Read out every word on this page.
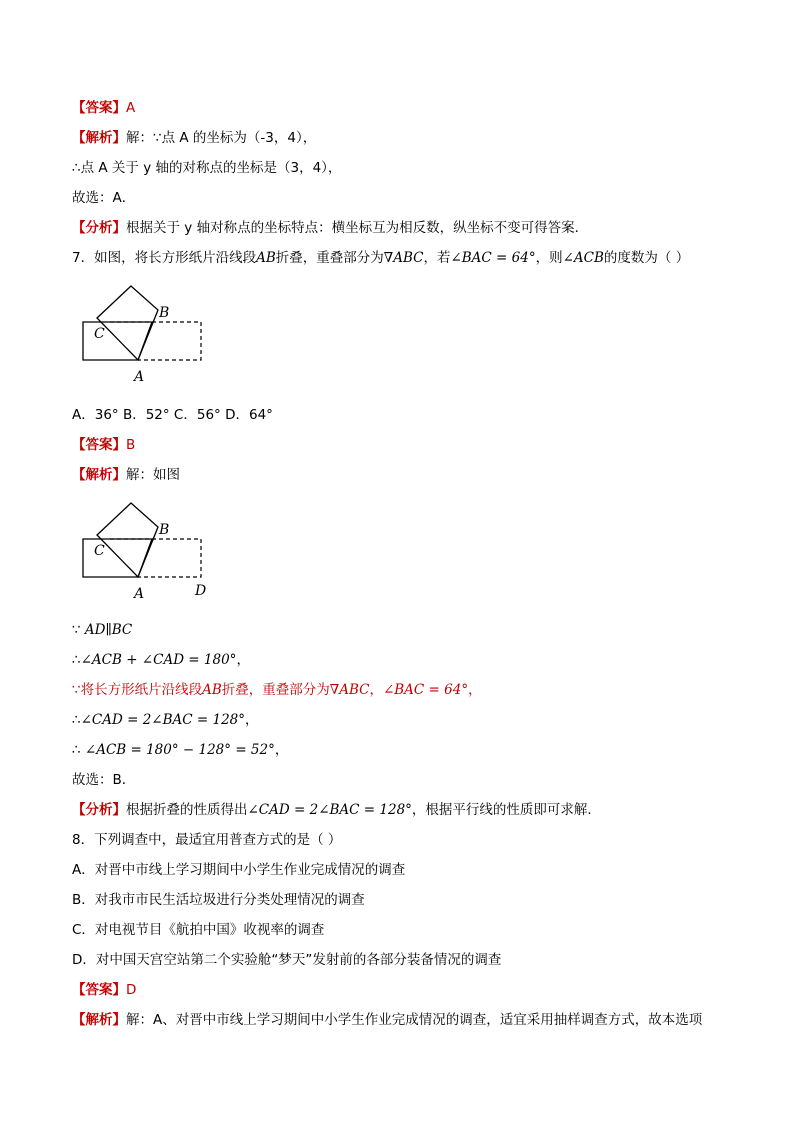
【答案】A
【解析】解：∵点 A 的坐标为（-3，4），
∴点 A 关于 y 轴的对称点的坐标是（3，4），
故选：A．
【分析】根据关于 y 轴对称点的坐标特点：横坐标互为相反数，纵坐标不变可得答案．
7．如图，将长方形纸片沿线段AB折叠，重叠部分为∇ABC，若∠BAC = 64°，则∠ACB的度数为（ ）
B
C
A
A．36° B．52° C．56° D．64°
【答案】B
【解析】解：如图
B
C
A	D
∵ AD∥BC
∴∠ACB + ∠CAD = 180°，
∵将长方形纸片沿线段AB折叠，重叠部分为∇ABC，∠BAC = 64°，
∴∠CAD = 2∠BAC = 128°，
∴ ∠ACB = 180° − 128° = 52°，
故选：B．
【分析】根据折叠的性质得出∠CAD = 2∠BAC = 128°，根据平行线的性质即可求解．
8．下列调查中，最适宜用普查方式的是（ ）
A．对晋中市线上学习期间中小学生作业完成情况的调查
B．对我市市民生活垃圾进行分类处理情况的调查
C．对电视节目《航拍中国》收视率的调查
D．对中国天宫空站第二个实验舱“梦天”发射前的各部分装备情况的调查
【答案】D
【解析】解：A、对晋中市线上学习期间中小学生作业完成情况的调查，适宜采用抽样调查方式，故本选项
